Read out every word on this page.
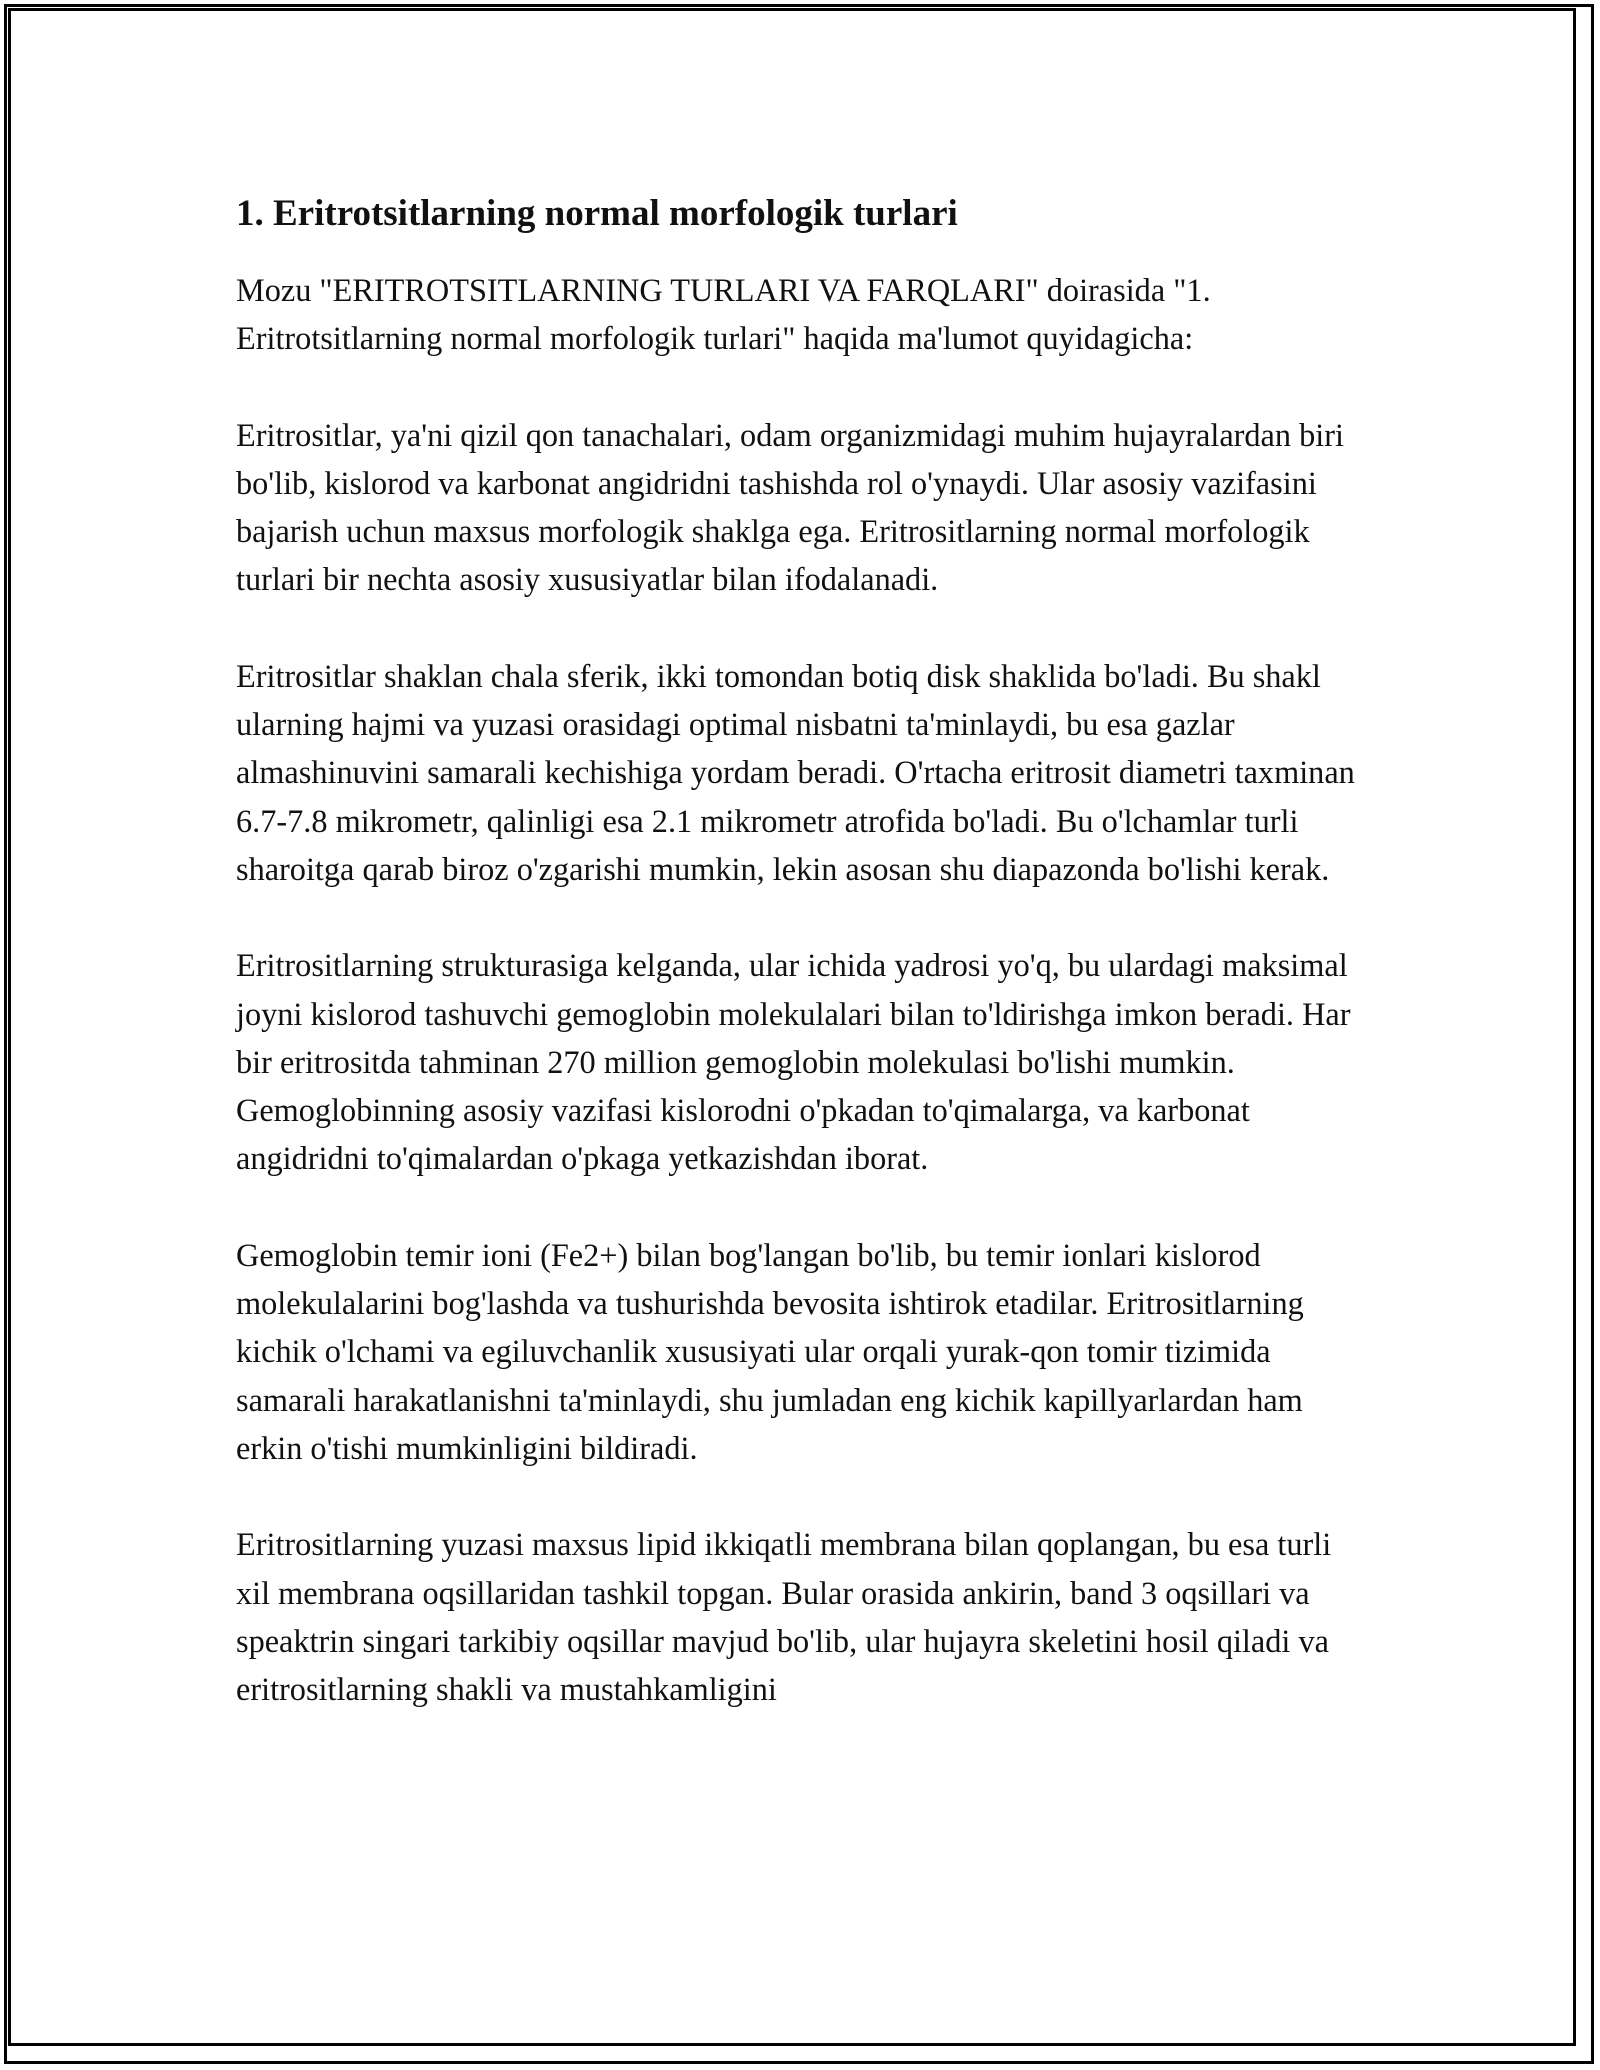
1. Eritrotsitlarning normal morfologik turlari

Mozu "ERITROTSITLARNING TURLARI VA FARQLARI" doirasida "1. Eritrotsitlarning normal morfologik turlari" haqida ma'lumot quyidagicha:

Eritrositlar, ya'ni qizil qon tanachalari, odam organizmidagi muhim hujayralardan biri bo'lib, kislorod va karbonat angidridni tashishda rol o'ynaydi. Ular asosiy vazifasini bajarish uchun maxsus morfologik shaklga ega. Eritrositlarning normal morfologik turlari bir nechta asosiy xususiyatlar bilan ifodalanadi.

Eritrositlar shaklan chala sferik, ikki tomondan botiq disk shaklida bo'ladi. Bu shakl ularning hajmi va yuzasi orasidagi optimal nisbatni ta'minlaydi, bu esa gazlar almashinuvini samarali kechishiga yordam beradi. O'rtacha eritrosit diametri taxminan 6.7-7.8 mikrometr, qalinligi esa 2.1 mikrometr atrofida bo'ladi. Bu o'lchamlar turli sharoitga qarab biroz o'zgarishi mumkin, lekin asosan shu diapazonda bo'lishi kerak.

Eritrositlarning strukturasiga kelganda, ular ichida yadrosi yo'q, bu ulardagi maksimal joyni kislorod tashuvchi gemoglobin molekulalari bilan to'ldirishga imkon beradi. Har bir eritrositda tahminan 270 million gemoglobin molekulasi bo'lishi mumkin. Gemoglobinning asosiy vazifasi kislorodni o'pkadan to'qimalarga, va karbonat angidridni to'qimalardan o'pkaga yetkazishdan iborat.

Gemoglobin temir ioni (Fe2+) bilan bog'langan bo'lib, bu temir ionlari kislorod molekulalarini bog'lashda va tushurishda bevosita ishtirok etadilar. Eritrositlarning kichik o'lchami va egiluvchanlik xususiyati ular orqali yurak-qon tomir tizimida samarali harakatlanishni ta'minlaydi, shu jumladan eng kichik kapillyarlardan ham erkin o'tishi mumkinligini bildiradi.

Eritrositlarning yuzasi maxsus lipid ikkiqatli membrana bilan qoplangan, bu esa turli xil membrana oqsillaridan tashkil topgan. Bular orasida ankirin, band 3 oqsillari va speaktrin singari tarkibiy oqsillar mavjud bo'lib, ular hujayra skeletini hosil qiladi va eritrositlarning shakli va mustahkamligini
